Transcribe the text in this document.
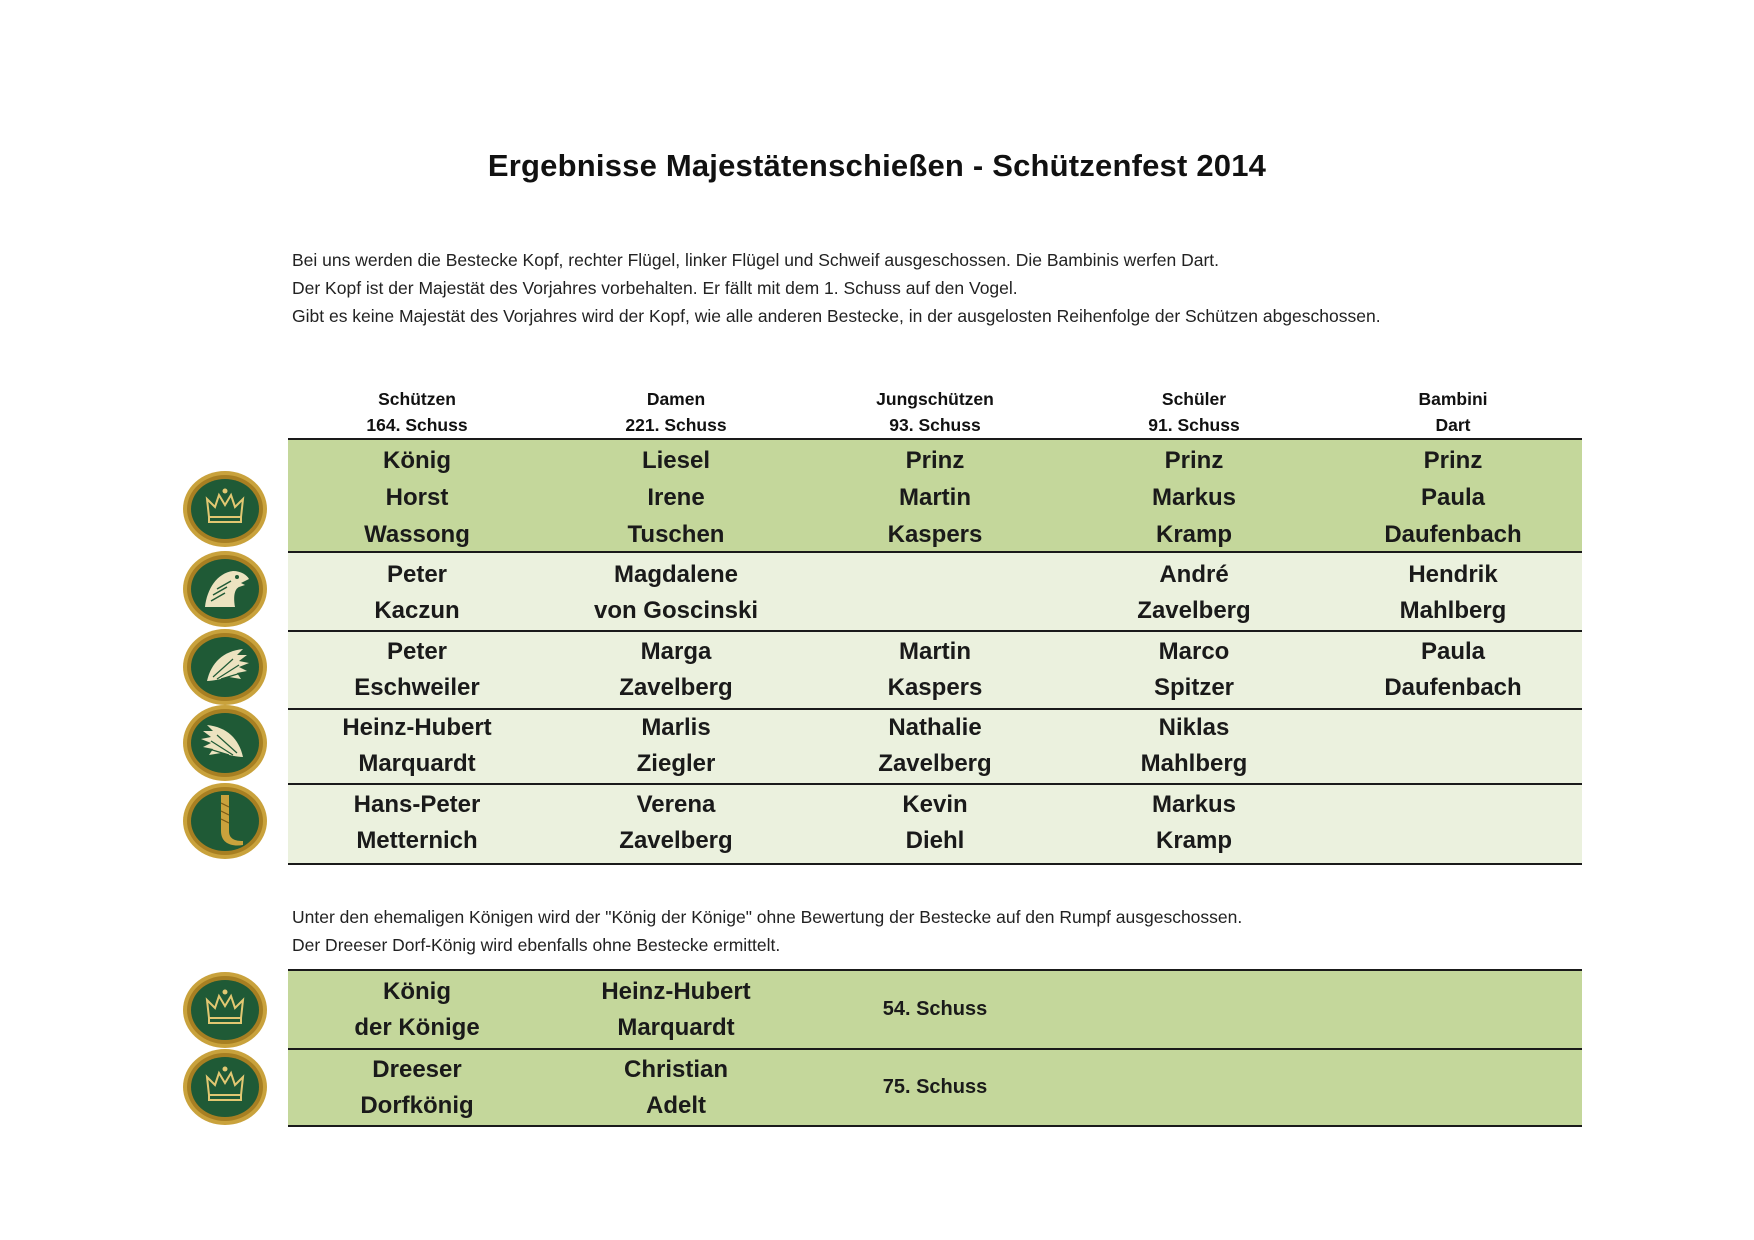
Ergebnisse Majestätenschießen - Schützenfest 2014

Bei uns werden die Bestecke Kopf, rechter Flügel, linker Flügel und Schweif ausgeschossen. Die Bambinis werfen Dart.

Der Kopf ist der Majestät des Vorjahres vorbehalten. Er fällt mit dem 1. Schuss auf den Vogel.

Gibt es keine Majestät des Vorjahres wird der Kopf, wie alle anderen Bestecke, in der ausgelosten Reihenfolge der Schützen abgeschossen.

Schützen
164. Schuss
Damen
221. Schuss
Jungschützen
93. Schuss
Schüler
91. Schuss
Bambini
Dart
König
Horst
Wassong
Liesel
Irene
Tuschen
Prinz
Martin
Kaspers
Prinz
Markus
Kramp
Prinz
Paula
Daufenbach
Peter
Kaczun
Magdalene
von Goscinski
André
Zavelberg
Hendrik
Mahlberg
Peter
Eschweiler
Marga
Zavelberg
Martin
Kaspers
Marco
Spitzer
Paula
Daufenbach
Heinz-Hubert
Marquardt
Marlis
Ziegler
Nathalie
Zavelberg
Niklas
Mahlberg
Hans-Peter
Metternich
Verena
Zavelberg
Kevin
Diehl
Markus
Kramp

Unter den ehemaligen Königen wird der "König der Könige" ohne Bewertung der Bestecke auf den Rumpf ausgeschossen.

Der Dreeser Dorf-König wird ebenfalls ohne Bestecke ermittelt.

König
der Könige
Heinz-Hubert
Marquardt
54. Schuss
Dreeser
Dorfkönig
Christian
Adelt
75. Schuss
